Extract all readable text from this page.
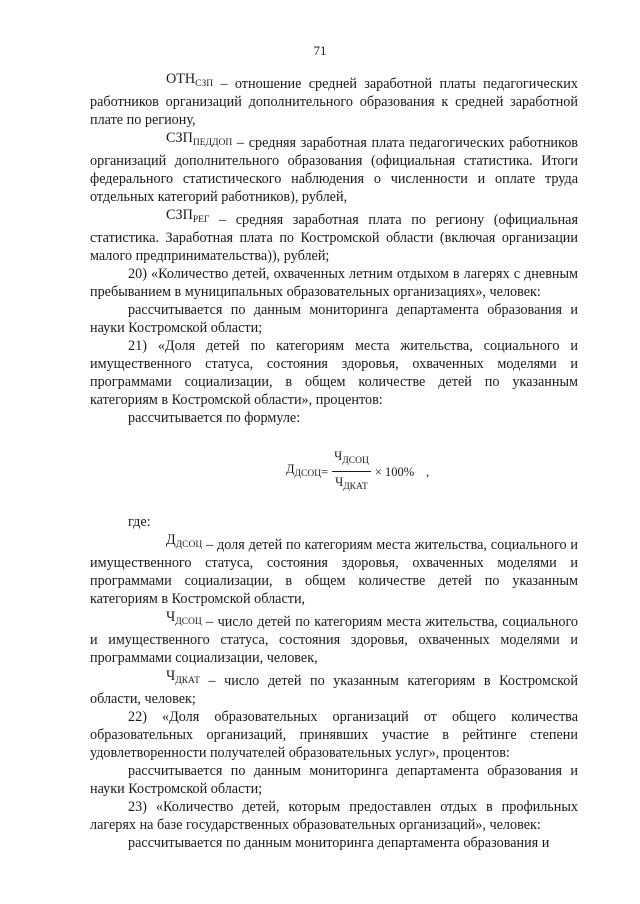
71

$ОТН_{СЗП}$ – отношение средней заработной платы педагогических работников организаций дополнительного образования к средней заработной плате по региону,

$СЗП_{ПЕДДОП}$ – средняя заработная плата педагогических работников организаций дополнительного образования (официальная статистика. Итоги федерального статистического наблюдения о численности и оплате труда отдельных категорий работников), рублей,

$СЗП_{РЕГ}$ – средняя заработная плата по региону (официальная статистика. Заработная плата по Костромской области (включая организации малого предпринимательства)), рублей;

20) «Количество детей, охваченных летним отдыхом в лагерях с дневным пребыванием в муниципальных образовательных организациях», человек:

рассчитывается по данным мониторинга департамента образования и науки Костромской области;

21) «Доля детей по категориям места жительства, социального и имущественного статуса, состояния здоровья, охваченных моделями и программами социализации, в общем количестве детей по указанным категориям в Костромской области», процентов:

рассчитывается по формуле:

$Д_{ДСОЦ} = \frac{Ч_{ДСОЦ}}{Ч_{ДКАТ}} \times 100\%$ ,

где:

$Д_{ДСОЦ}$ – доля детей по категориям места жительства, социального и имущественного статуса, состояния здоровья, охваченных моделями и программами социализации, в общем количестве детей по указанным категориям в Костромской области,

$Ч_{ДСОЦ}$ – число детей по категориям места жительства, социального и имущественного статуса, состояния здоровья, охваченных моделями и программами социализации, человек,

$Ч_{ДКАТ}$ – число детей по указанным категориям в Костромской области, человек;

22) «Доля образовательных организаций от общего количества образовательных организаций, принявших участие в рейтинге степени удовлетворенности получателей образовательных услуг», процентов:

рассчитывается по данным мониторинга департамента образования и науки Костромской области;

23) «Количество детей, которым предоставлен отдых в профильных лагерях на базе государственных образовательных организаций», человек:

рассчитывается по данным мониторинга департамента образования и
